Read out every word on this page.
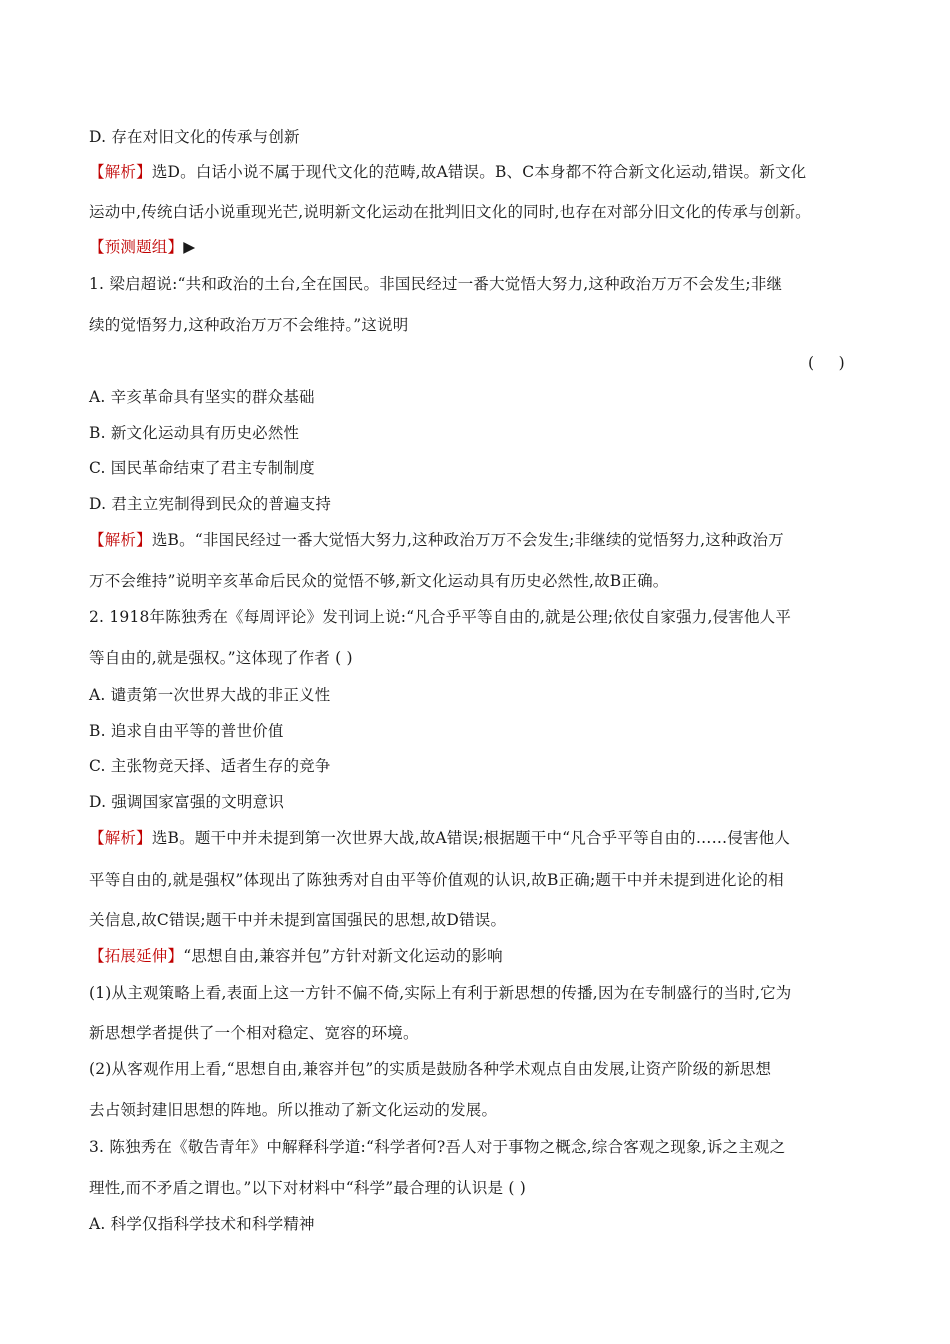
D. 存在对旧文化的传承与创新
【解析】选D。白话小说不属于现代文化的范畴,故A错误。B、C本身都不符合新文化运动,错误。新文化
运动中,传统白话小说重现光芒,说明新文化运动在批判旧文化的同时,也存在对部分旧文化的传承与创新。
【预测题组】▶
1. 梁启超说:“共和政治的土台,全在国民。非国民经过一番大觉悟大努力,这种政治万万不会发生;非继
续的觉悟努力,这种政治万万不会维持。”这说明
(     )
A. 辛亥革命具有坚实的群众基础
B. 新文化运动具有历史必然性
C. 国民革命结束了君主专制制度
D. 君主立宪制得到民众的普遍支持
【解析】选B。“非国民经过一番大觉悟大努力,这种政治万万不会发生;非继续的觉悟努力,这种政治万
万不会维持”说明辛亥革命后民众的觉悟不够,新文化运动具有历史必然性,故B正确。
2. 1918年陈独秀在《每周评论》发刊词上说:“凡合乎平等自由的,就是公理;依仗自家强力,侵害他人平
等自由的,就是强权。”这体现了作者 ( )
A. 谴责第一次世界大战的非正义性
B. 追求自由平等的普世价值
C. 主张物竞天择、适者生存的竞争
D. 强调国家富强的文明意识
【解析】选B。题干中并未提到第一次世界大战,故A错误;根据题干中“凡合乎平等自由的……侵害他人
平等自由的,就是强权”体现出了陈独秀对自由平等价值观的认识,故B正确;题干中并未提到进化论的相
关信息,故C错误;题干中并未提到富国强民的思想,故D错误。
【拓展延伸】“思想自由,兼容并包”方针对新文化运动的影响
(1)从主观策略上看,表面上这一方针不偏不倚,实际上有利于新思想的传播,因为在专制盛行的当时,它为
新思想学者提供了一个相对稳定、宽容的环境。
(2)从客观作用上看,“思想自由,兼容并包”的实质是鼓励各种学术观点自由发展,让资产阶级的新思想
去占领封建旧思想的阵地。所以推动了新文化运动的发展。
3. 陈独秀在《敬告青年》中解释科学道:“科学者何?吾人对于事物之概念,综合客观之现象,诉之主观之
理性,而不矛盾之谓也。”以下对材料中“科学”最合理的认识是 ( )
A. 科学仅指科学技术和科学精神
